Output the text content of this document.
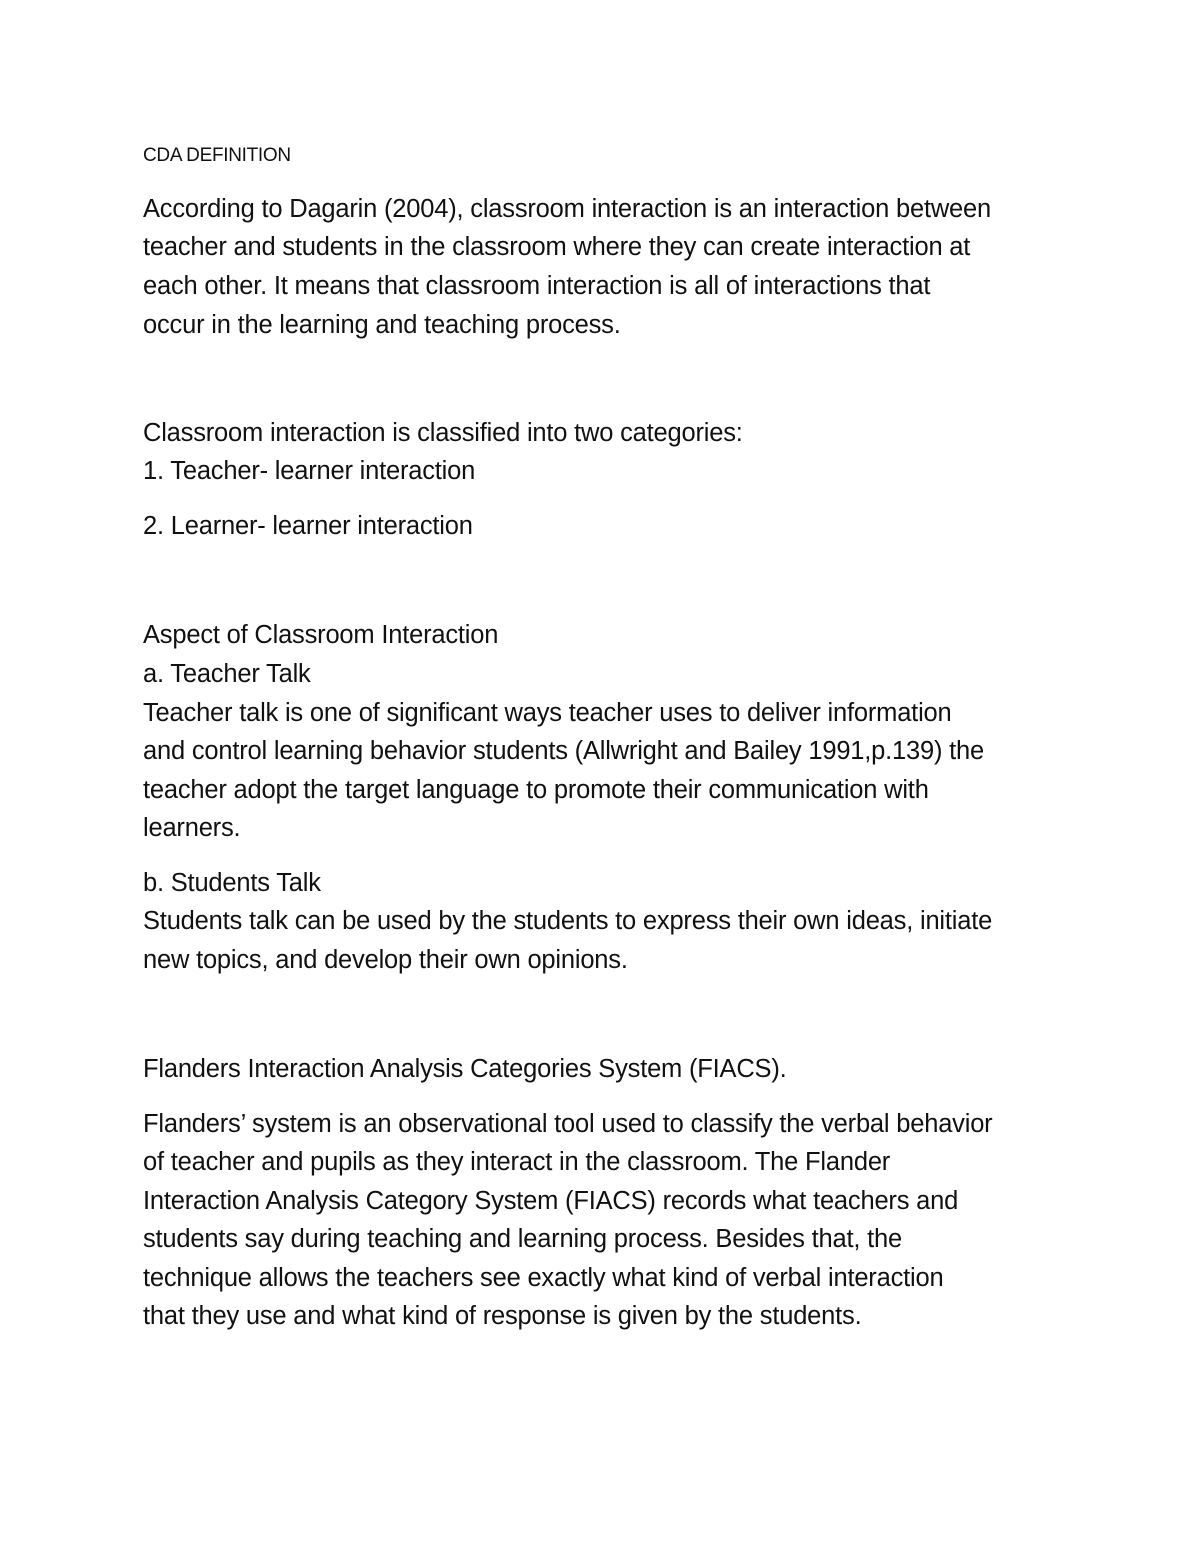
CDA DEFINITION
According to Dagarin (2004), classroom interaction is an interaction between
teacher and students in the classroom where they can create interaction at
each other. It means that classroom interaction is all of interactions that
occur in the learning and teaching process.
Classroom interaction is classified into two categories:
1. Teacher- learner interaction
2. Learner- learner interaction
Aspect of Classroom Interaction
a. Teacher Talk
Teacher talk is one of significant ways teacher uses to deliver information
and control learning behavior students (Allwright and Bailey 1991,p.139) the
teacher adopt the target language to promote their communication with
learners.
b. Students Talk
Students talk can be used by the students to express their own ideas, initiate
new topics, and develop their own opinions.
Flanders Interaction Analysis Categories System (FIACS).
Flanders’ system is an observational tool used to classify the verbal behavior
of teacher and pupils as they interact in the classroom. The Flander
Interaction Analysis Category System (FIACS) records what teachers and
students say during teaching and learning process. Besides that, the
technique allows the teachers see exactly what kind of verbal interaction
that they use and what kind of response is given by the students.
